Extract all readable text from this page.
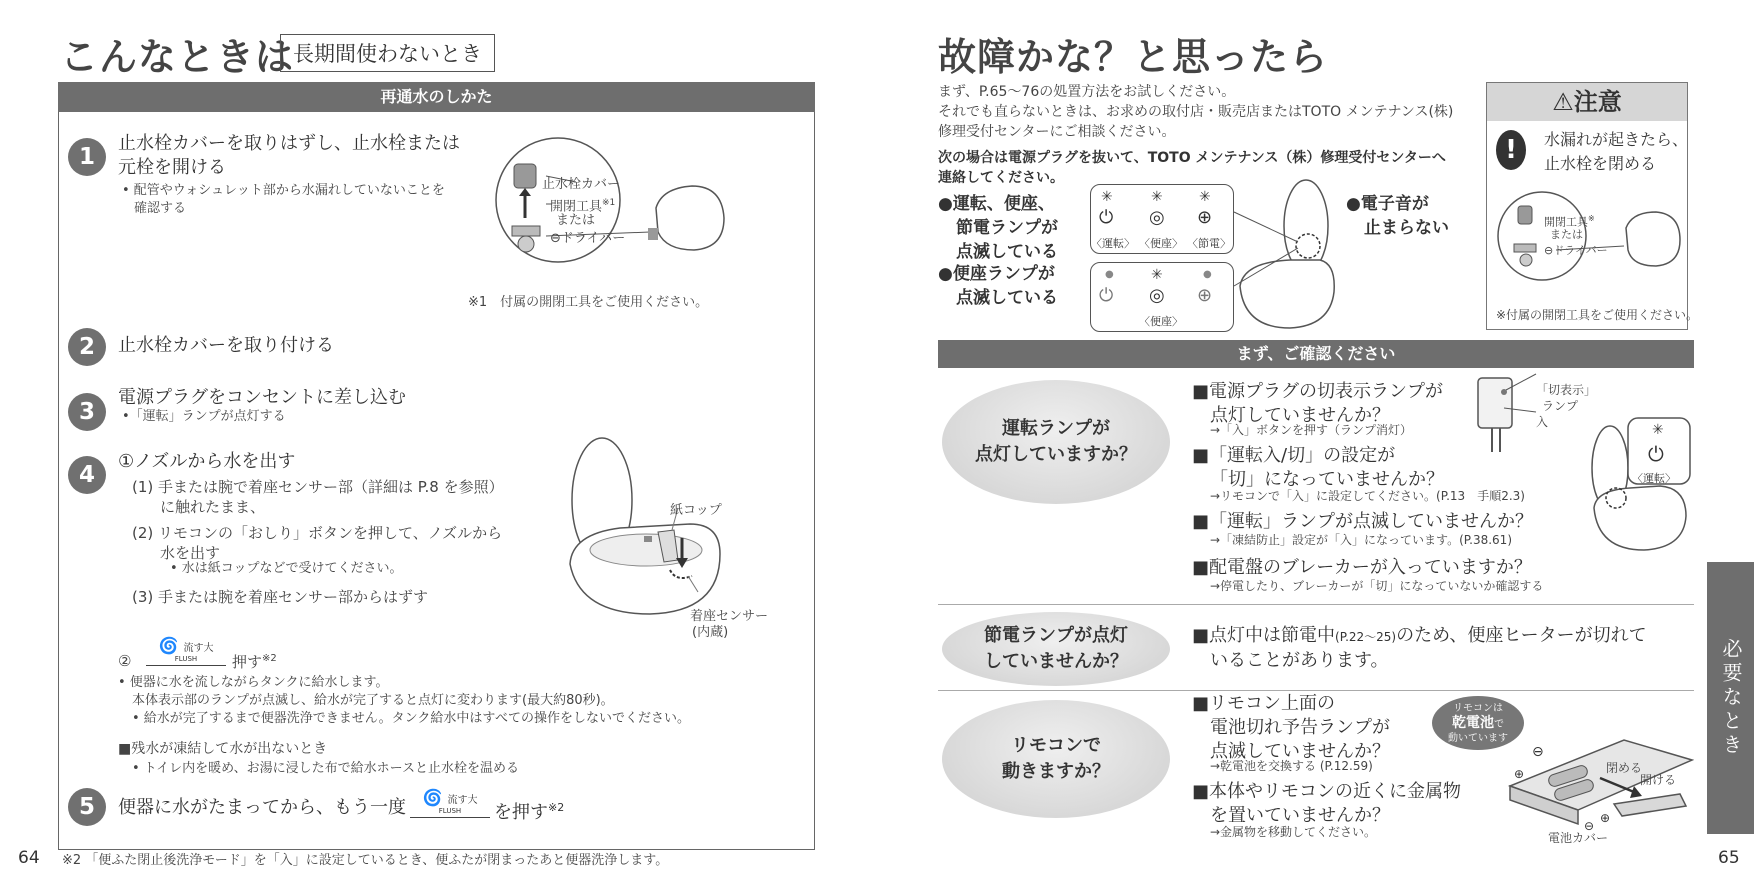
こんなときは
長期間使わないとき
再通水のしかた
1
止水栓カバーを取りはずし、止水栓または
元栓を開ける
• 配管やウォシュレット部から水漏れしていないことを
確認する
止水栓カバー
開閉工具$^{※1}$
または
⊖ドライバー
※1　付属の開閉工具をご使用ください。
2	止水栓カバーを取り付ける
3
電源プラグをコンセントに差し込む
•「運転」ランプが点灯する
4
①ノズルから水を出す
(1) 手または腕で着座センサー部（詳細は P.8 を参照）
に触れたまま、
(2) リモコンの「おしり」ボタンを押して、ノズルから
水を出す
• 水は紙コップなどで受けてください。
(3) 手または腕を着座センサー部からはずす
紙コップ
着座センサー
(内蔵)
②
🌀 流す大
FLUSH	押す$^{※2}$
• 便器に水を流しながらタンクに給水します。
本体表示部のランプが点滅し、給水が完了すると点灯に変わります(最大約80秒)。
• 給水が完了するまで便器洗浄できません。タンク給水中はすべての操作をしないでください。
■残水が凍結して水が出ないとき
• トイレ内を暖め、お湯に浸した布で給水ホースと止水栓を温める
5	便器に水がたまってから、もう一度	🌀 流す大
FLUSH	を押す$^{※2}$
64 ※2 「便ふた閉止後洗浄モード」を「入」に設定しているとき、便ふたが閉まったあと便器洗浄します。
故障かな？と思ったら
まず、P.65～76の処置方法をお試しください。
それでも直らないときは、お求めの取付店・販売店またはTOTO メンテナンス(株)
修理受付センターにご相談ください。
次の場合は電源プラグを抜いて、TOTO メンテナンス（株）修理受付センターへ
連絡してください。
●運転、便座、
節電ランプが
点滅している
●便座ランプが
点滅している
●電子音が
止まらない
✳	✳	✳
⏻ ◎ ⊕
〈運転〉 〈便座〉 〈節電〉
●	✳	●
⏻ ◎ ⊕
〈便座〉
⚠注意
!	水漏れが起きたら、
止水栓を閉める
開閉工具※
または
⊖ドライバー
※付属の開閉工具をご使用ください。
まず、ご確認ください
運転ランプが
点灯していますか？
■電源プラグの切表示ランプが
点灯していませんか？
→「入」ボタンを押す（ランプ消灯）
■「運転入/切」の設定が
「切」になっていませんか？
→リモコンで「入」に設定してください。(P.13　手順2.3)
■「運転」ランプが点滅していませんか？
→「凍結防止」設定が「入」になっています。(P.38.61)
■配電盤のブレーカーが入っていますか？
→停電したり、ブレーカーが「切」になっていないか確認する
「切表示」
ランプ
入	✳
⏻
〈運転〉
節電ランプが点灯
していませんか？
■点灯中は節電中(P.22～25)のため、便座ヒーターが切れて
いることがあります。
リモコンで
動きますか？
■リモコン上面の
電池切れ予告ランプが
点滅していませんか？
→乾電池を交換する (P.12.59)
■本体やリモコンの近くに金属物
を置いていませんか？
→金属物を移動してください。
リモコンは
乾電池で
動いています
⊖
⊕
⊖
⊕
閉める
開ける
電池カバー
必要なとき
65
